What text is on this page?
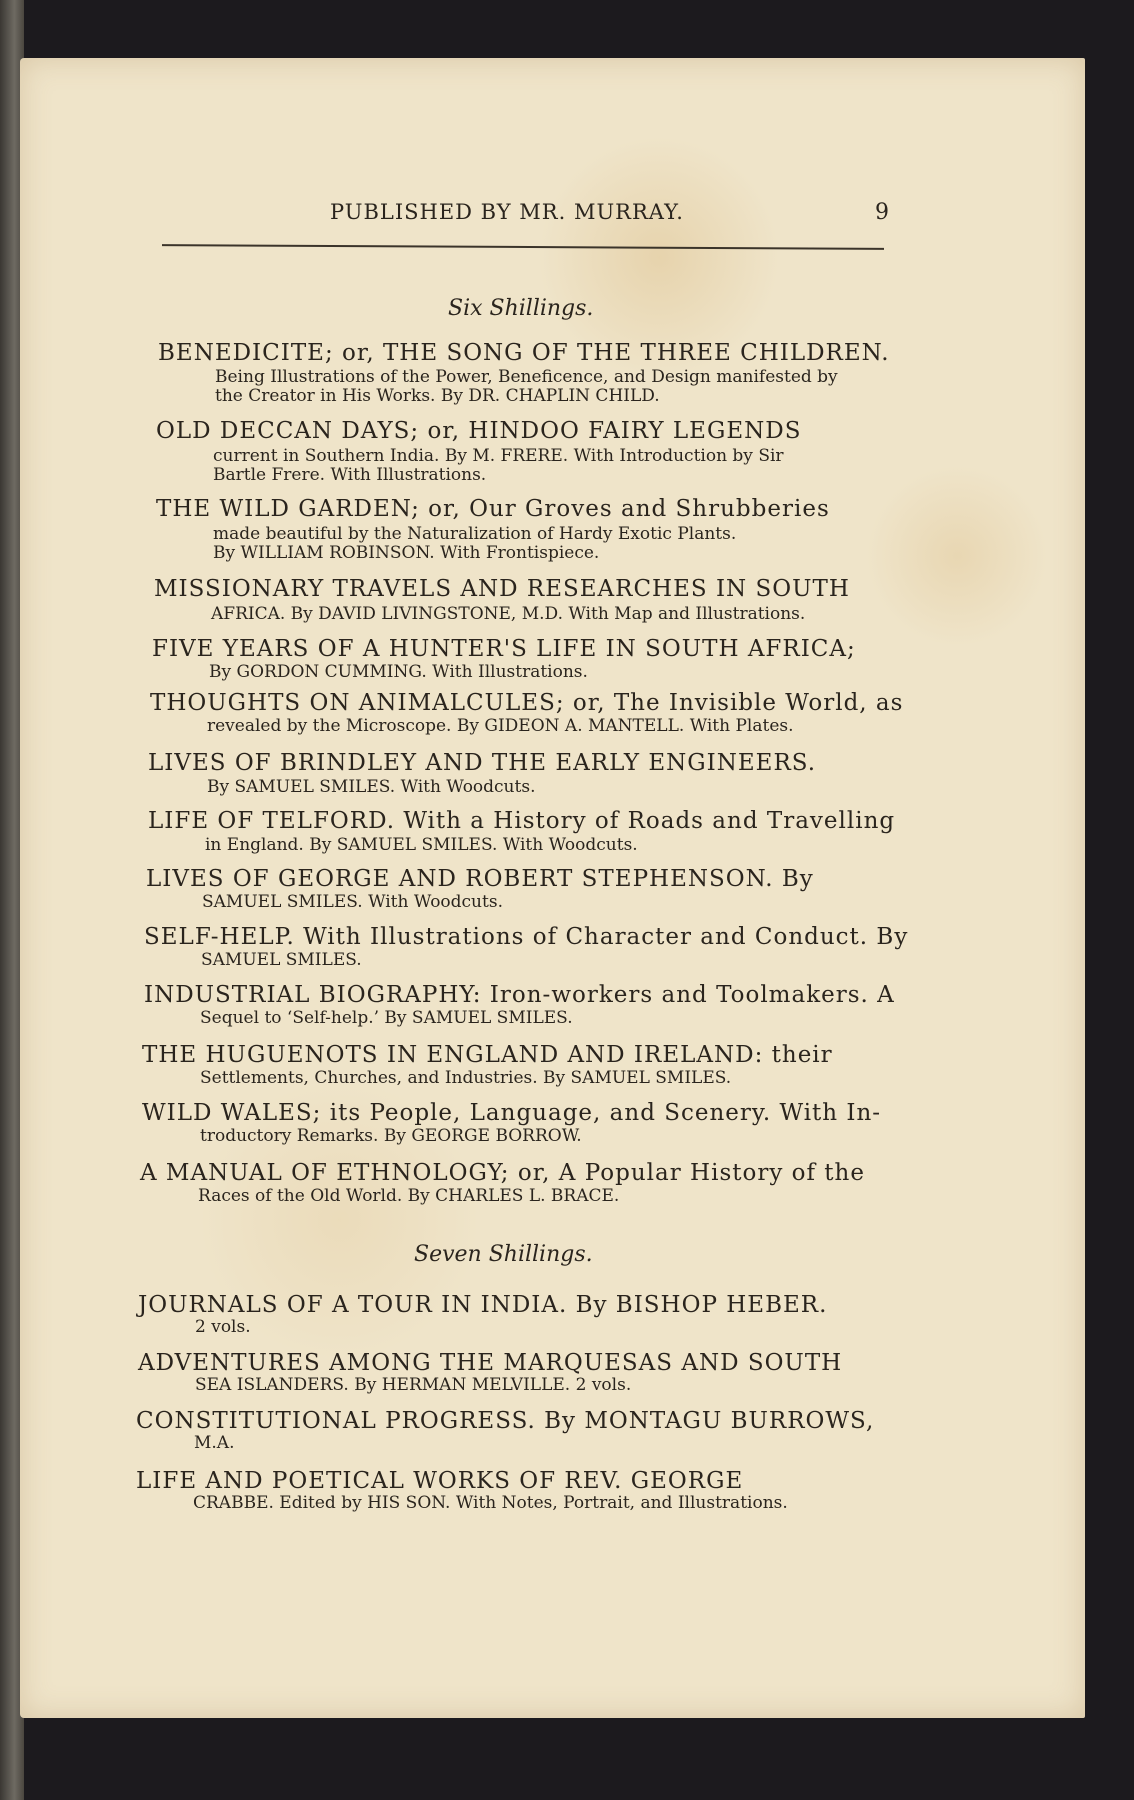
PUBLISHED BY MR. MURRAY.	9
Six Shillings.
BENEDICITE; or, THE SONG OF THE THREE CHILDREN.
Being Illustrations of the Power, Beneficence, and Design manifested by
the Creator in His Works. By DR. CHAPLIN CHILD.
OLD DECCAN DAYS; or, HINDOO FAIRY LEGENDS
current in Southern India. By M. FRERE. With Introduction by Sir
Bartle Frere. With Illustrations.
THE WILD GARDEN; or, Our Groves and Shrubberies
made beautiful by the Naturalization of Hardy Exotic Plants.
By WILLIAM ROBINSON. With Frontispiece.
MISSIONARY TRAVELS AND RESEARCHES IN SOUTH
AFRICA. By DAVID LIVINGSTONE, M.D. With Map and Illustrations.
FIVE YEARS OF A HUNTER'S LIFE IN SOUTH AFRICA;
By GORDON CUMMING. With Illustrations.
THOUGHTS ON ANIMALCULES; or, The Invisible World, as
revealed by the Microscope. By GIDEON A. MANTELL. With Plates.
LIVES OF BRINDLEY AND THE EARLY ENGINEERS.
By SAMUEL SMILES. With Woodcuts.
LIFE OF TELFORD. With a History of Roads and Travelling
in England. By SAMUEL SMILES. With Woodcuts.
LIVES OF GEORGE AND ROBERT STEPHENSON. By
SAMUEL SMILES. With Woodcuts.
SELF-HELP. With Illustrations of Character and Conduct. By
SAMUEL SMILES.
INDUSTRIAL BIOGRAPHY: Iron-workers and Toolmakers. A
Sequel to ‘Self-help.’ By SAMUEL SMILES.
THE HUGUENOTS IN ENGLAND AND IRELAND: their
Settlements, Churches, and Industries. By SAMUEL SMILES.
WILD WALES; its People, Language, and Scenery. With In-
troductory Remarks. By GEORGE BORROW.
A MANUAL OF ETHNOLOGY; or, A Popular History of the
Races of the Old World. By CHARLES L. BRACE.
Seven Shillings.
JOURNALS OF A TOUR IN INDIA. By BISHOP HEBER.
2 vols.
ADVENTURES AMONG THE MARQUESAS AND SOUTH
SEA ISLANDERS. By HERMAN MELVILLE. 2 vols.
CONSTITUTIONAL PROGRESS. By MONTAGU BURROWS,
M.A.
LIFE AND POETICAL WORKS OF REV. GEORGE
CRABBE. Edited by HIS SON. With Notes, Portrait, and Illustrations.
